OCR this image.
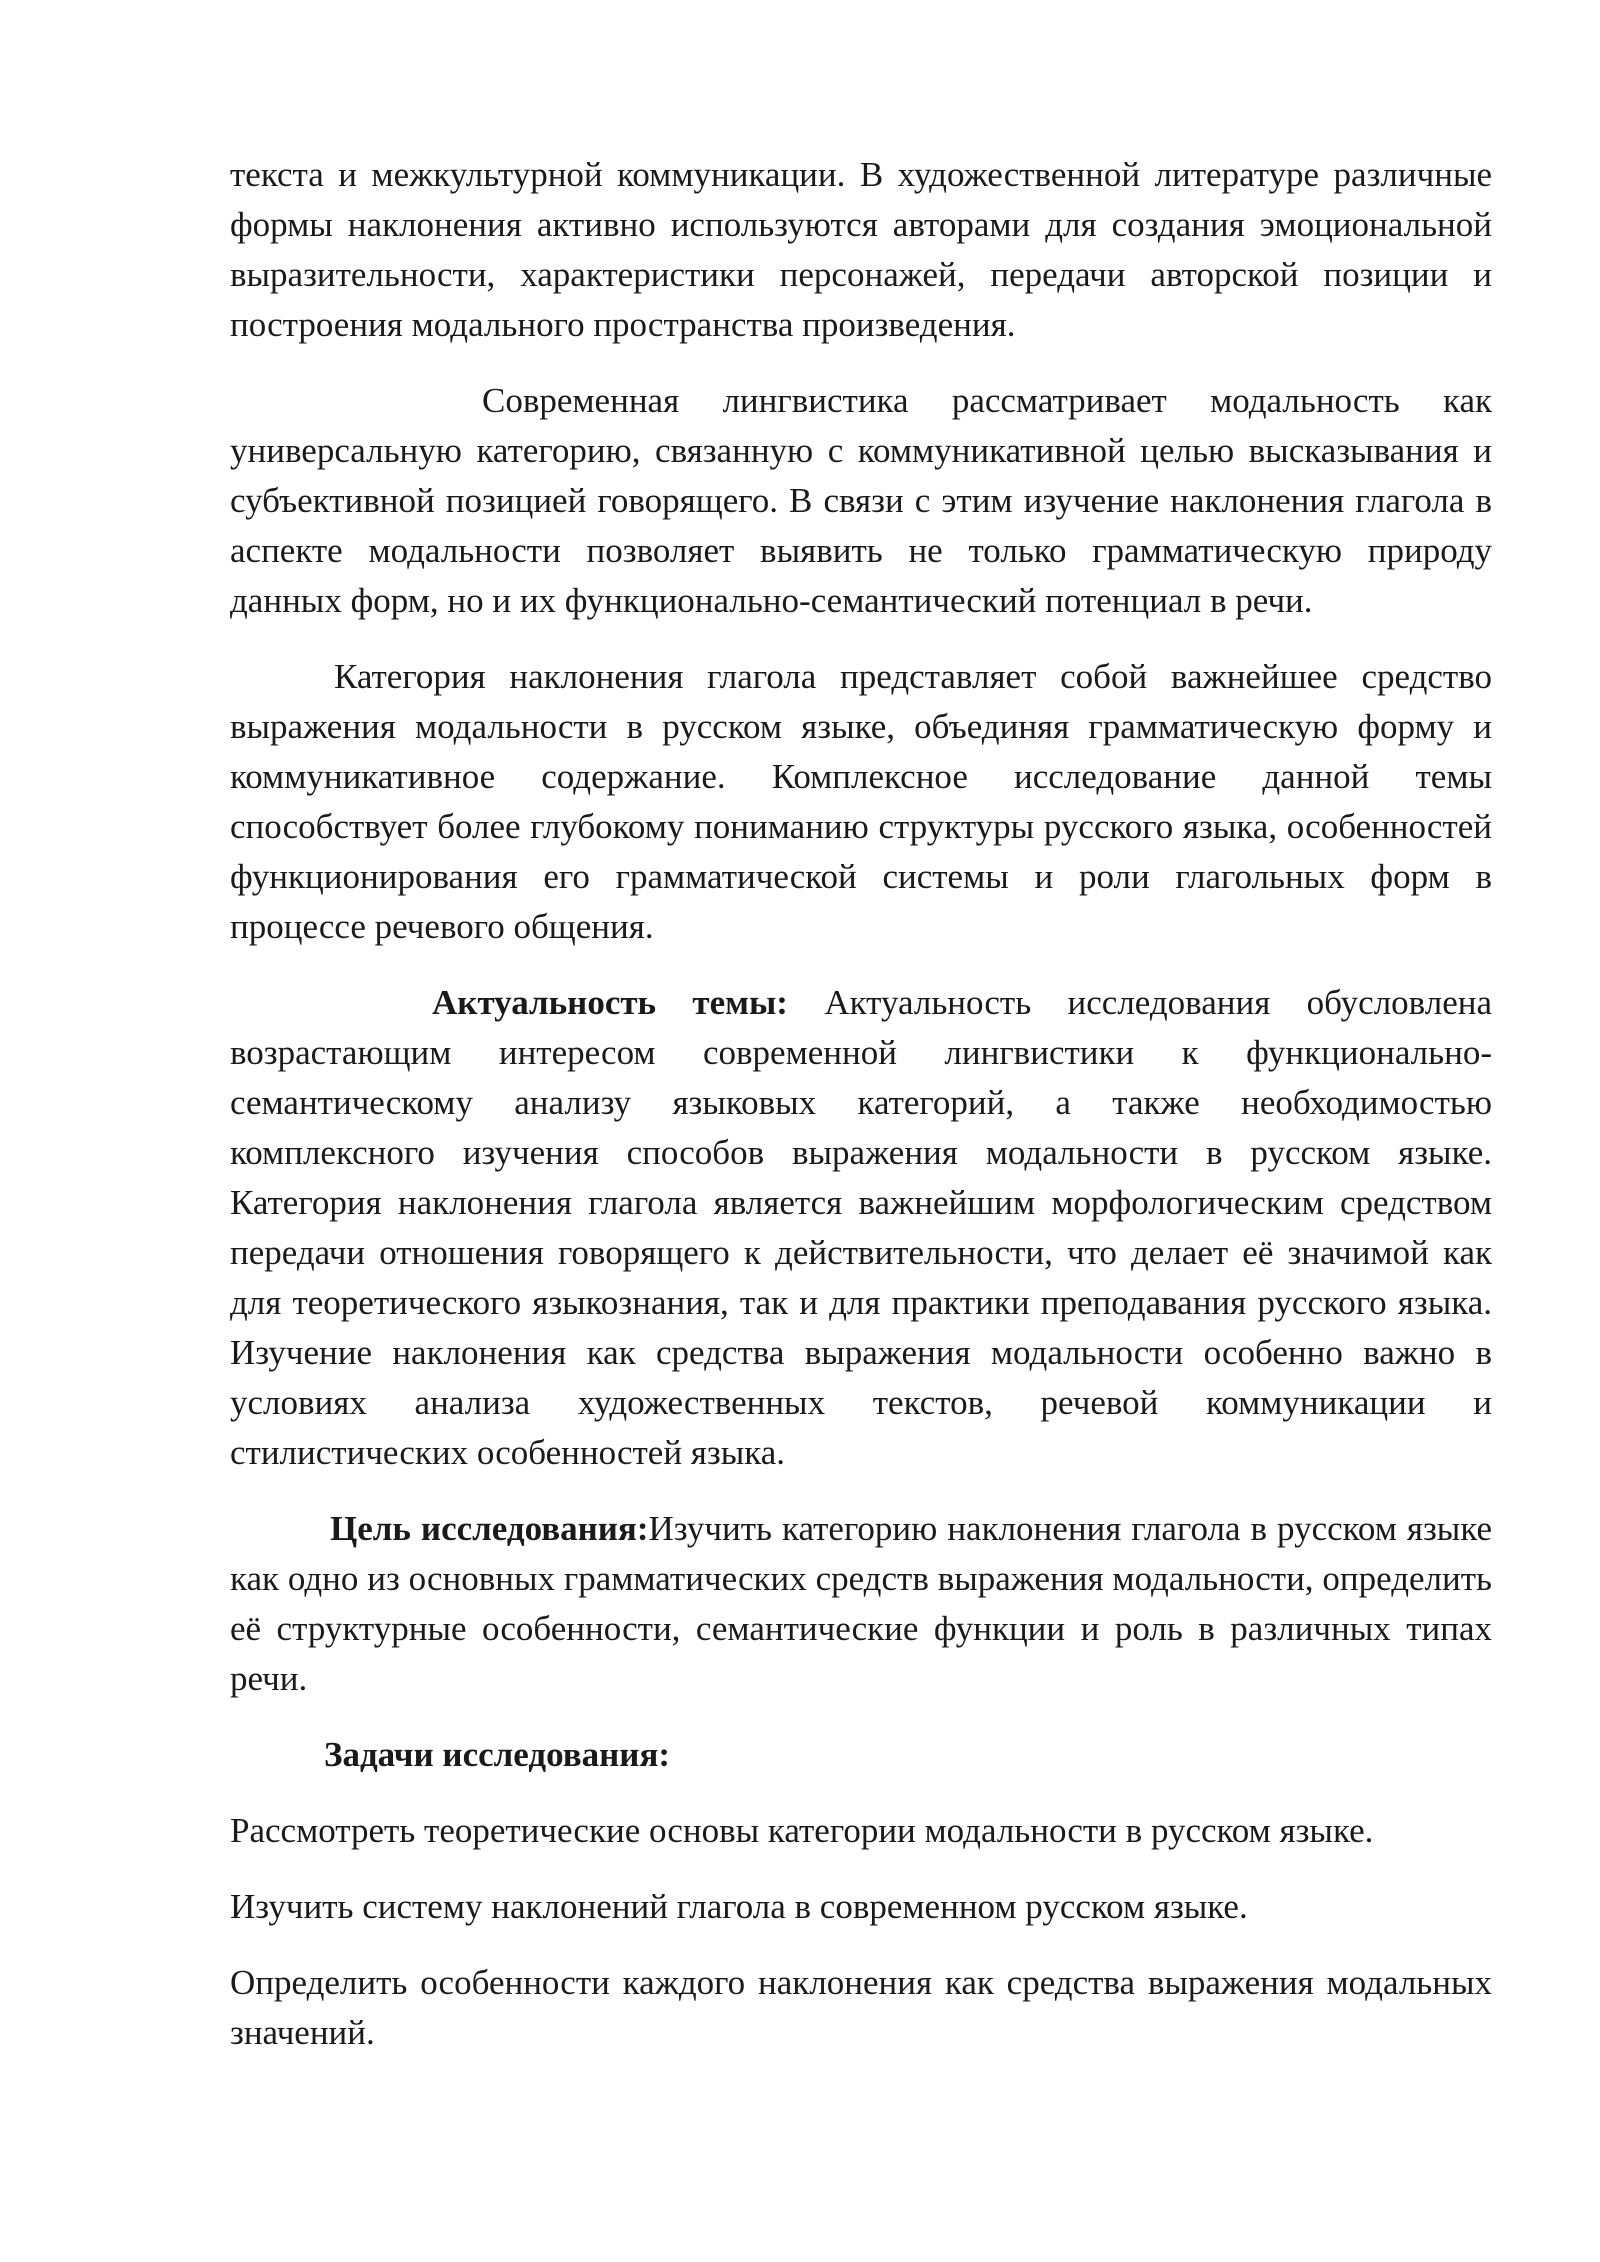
текста и межкультурной коммуникации. В художественной литературе различные формы наклонения активно используются авторами для создания эмоциональной выразительности, характеристики персонажей, передачи авторской позиции и построения модального пространства произведения.

Современная лингвистика рассматривает модальность как универсальную категорию, связанную с коммуникативной целью высказывания и субъективной позицией говорящего. В связи с этим изучение наклонения глагола в аспекте модальности позволяет выявить не только грамматическую природу данных форм, но и их функционально-семантический потенциал в речи.

Категория наклонения глагола представляет собой важнейшее средство выражения модальности в русском языке, объединяя грамматическую форму и коммуникативное содержание. Комплексное исследование данной темы способствует более глубокому пониманию структуры русского языка, особенностей функционирования его грамматической системы и роли глагольных форм в процессе речевого общения.

Актуальность темы: Актуальность исследования обусловлена возрастающим интересом современной лингвистики к функционально-семантическому анализу языковых категорий, а также необходимостью комплексного изучения способов выражения модальности в русском языке. Категория наклонения глагола является важнейшим морфологическим средством передачи отношения говорящего к действительности, что делает её значимой как для теоретического языкознания, так и для практики преподавания русского языка. Изучение наклонения как средства выражения модальности особенно важно в условиях анализа художественных текстов, речевой коммуникации и стилистических особенностей языка.

Цель исследования:Изучить категорию наклонения глагола в русском языке как одно из основных грамматических средств выражения модальности, определить её структурные особенности, семантические функции и роль в различных типах речи.

Задачи исследования:

Рассмотреть теоретические основы категории модальности в русском языке.

Изучить систему наклонений глагола в современном русском языке.

Определить особенности каждого наклонения как средства выражения модальных значений.
